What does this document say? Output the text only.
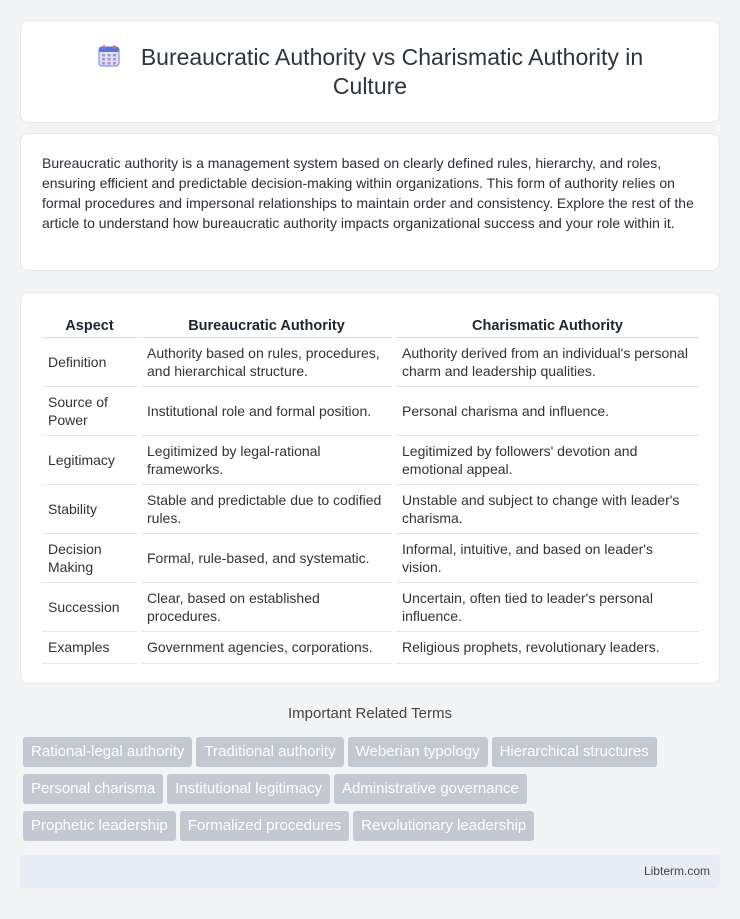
Bureaucratic Authority vs Charismatic Authority in Culture

Bureaucratic authority is a management system based on clearly defined rules, hierarchy, and roles, ensuring efficient and predictable decision-making within organizations. This form of authority relies on formal procedures and impersonal relationships to maintain order and consistency. Explore the rest of the article to understand how bureaucratic authority impacts organizational success and your role within it.

Aspect	Bureaucratic Authority	Charismatic Authority
Definition	Authority based on rules, procedures, and hierarchical structure.	Authority derived from an individual's personal charm and leadership qualities.
Source of Power	Institutional role and formal position.	Personal charisma and influence.
Legitimacy	Legitimized by legal-rational frameworks.	Legitimized by followers' devotion and emotional appeal.
Stability	Stable and predictable due to codified rules.	Unstable and subject to change with leader's charisma.
Decision Making	Formal, rule-based, and systematic.	Informal, intuitive, and based on leader's vision.
Succession	Clear, based on established procedures.	Uncertain, often tied to leader's personal influence.
Examples	Government agencies, corporations.	Religious prophets, revolutionary leaders.
Important Related Terms
Rational-legal authority Traditional authority Weberian typology Hierarchical structures
Personal charisma Institutional legitimacy Administrative governance
Prophetic leadership Formalized procedures Revolutionary leadership
Libterm.com
